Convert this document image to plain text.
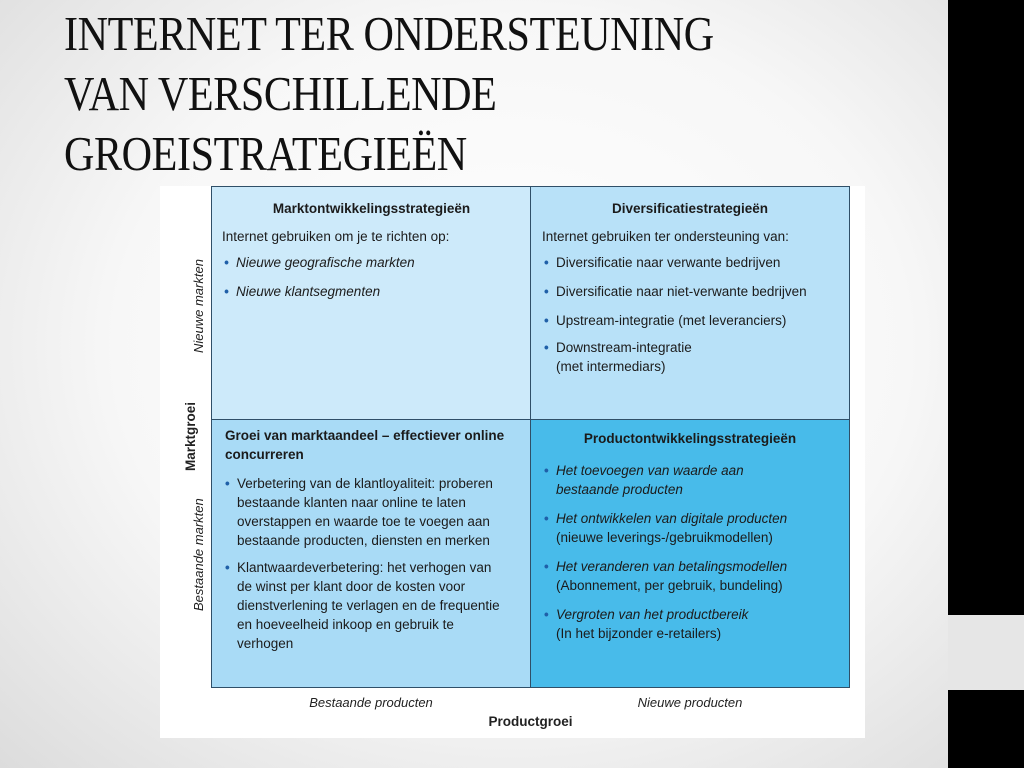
INTERNET TER ONDERSTEUNING
VAN VERSCHILLENDE
GROEISTRATEGIEËN
Marktgroei
Nieuwe markten
Bestaande markten
Marktontwikkelingsstrategieën
Internet gebruiken om je te richten op:
• Nieuwe geografische markten
• Nieuwe klantsegmenten
Diversificatiestrategieën
Internet gebruiken ter ondersteuning van:
• Diversificatie naar verwante bedrijven
• Diversificatie naar niet-verwante bedrijven
• Upstream-integratie (met leveranciers)
• Downstream-integratie (met intermediars)
Groei van marktaandeel – effectiever online concurreren
• Verbetering van de klantloyaliteit: proberen bestaande klanten naar online te laten overstappen en waarde toe te voegen aan bestaande producten, diensten en merken
• Klantwaardeverbetering: het verhogen van de winst per klant door de kosten voor dienstverlening te verlagen en de frequentie en hoeveelheid inkoop en gebruik te verhogen
Productontwikkelingsstrategieën
• Het toevoegen van waarde aan bestaande producten
• Het ontwikkelen van digitale producten
(nieuwe leverings-/gebruikmodellen)
• Het veranderen van betalingsmodellen
(Abonnement, per gebruik, bundeling)
• Vergroten van het productbereik
(In het bijzonder e-retailers)
Bestaande producten	Nieuwe producten
Productgroei
